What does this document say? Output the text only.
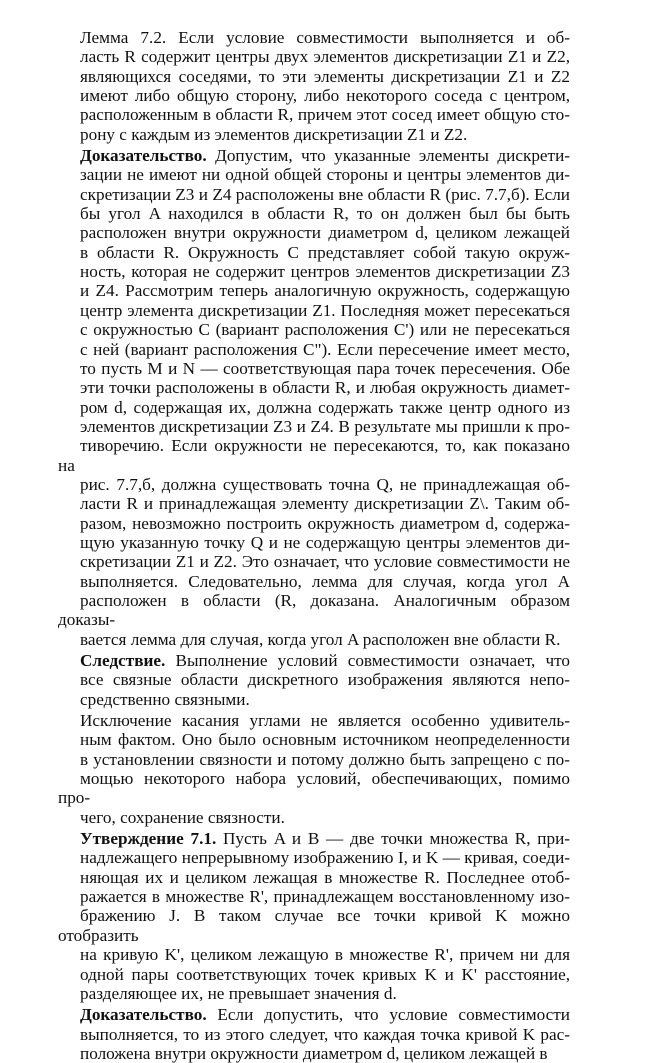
Лемма 7.2. Если условие совместимости выполняется и об-
ласть R содержит центры двух элементов дискретизации Z1 и Z2,
являющихся соседями, то эти элементы дискретизации Z1 и Z2
имеют либо общую сторону, либо некоторого соседа с центром,
расположенным в области R, причем этот сосед имеет общую сто-
рону с каждым из элементов дискретизации Z1 и Z2.

Доказательство. Допустим, что указанные элементы дискрети-
зации не имеют ни одной общей стороны и центры элементов ди-
скретизации Z3 и Z4 расположены вне области R (рис. 7.7,б). Если
бы угол A находился в области R, то он должен был бы быть
расположен внутри окружности диаметром d, целиком лежащей
в области R. Окружность C представляет собой такую окруж-
ность, которая не содержит центров элементов дискретизации Z3
и Z4. Рассмотрим теперь аналогичную окружность, содержащую
центр элемента дискретизации Z1. Последняя может пересекаться
с окружностью C (вариант расположения C') или не пересекаться
с ней (вариант расположения C"). Если пересечение имеет место,
то пусть M и N — соответствующая пара точек пересечения. Обе
эти точки расположены в области R, и любая окружность диамет-
ром d, содержащая их, должна содержать также центр одного из
элементов дискретизации Z3 и Z4. В результате мы пришли к про-
тиворечию. Если окружности не пересекаются, то, как показано на
рис. 7.7,б, должна существовать точна Q, не принадлежащая об-
ласти R и принадлежащая элементу дискретизации Z\. Таким об-
разом, невозможно построить окружность диаметром d, содержа-
щую указанную точку Q и не содержащую центры элементов ди-
скретизации Z1 и Z2. Это означает, что условие совместимости не
выполняется. Следовательно, лемма для случая, когда угол A
расположен в области (R, доказана. Аналогичным образом доказы-
вается лемма для случая, когда угол A расположен вне области R.

Следствие. Выполнение условий совместимости означает, что
все связные области дискретного изображения являются непо-
средственно связными.

Исключение касания углами не является особенно удивитель-
ным фактом. Оно было основным источником неопределенности
в установлении связности и потому должно быть запрещено с по-
мощью некоторого набора условий, обеспечивающих, помимо про-
чего, сохранение связности.

Утверждение 7.1. Пусть A и B — две точки множества R, при-
надлежащего непрерывному изображению I, и K — кривая, соеди-
няющая их и целиком лежащая в множестве R. Последнее отоб-
ражается в множестве R', принадлежащем восстановленному изо-
бражению J. В таком случае все точки кривой K можно отобразить
на кривую K', целиком лежащую в множестве R', причем ни для
одной пары соответствующих точек кривых K и K' расстояние,
разделяющее их, не превышает значения d.

Доказательство. Если допустить, что условие совместимости
выполняется, то из этого следует, что каждая точка кривой K рас-
положена внутри окружности диаметром d, целиком лежащей в
